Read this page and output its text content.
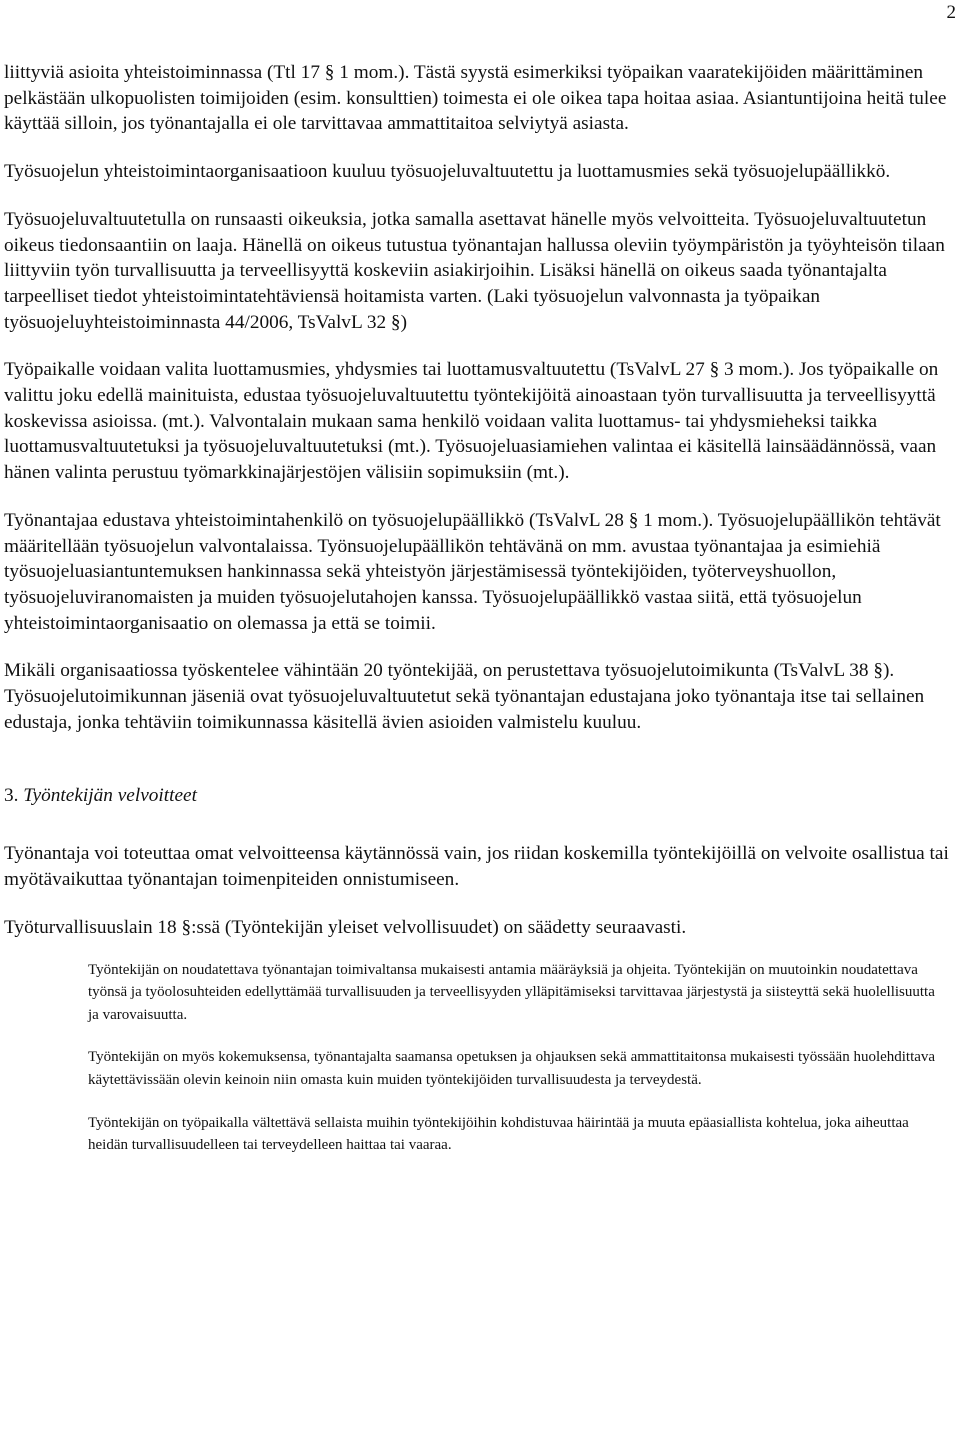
2

liittyviä asioita yhteistoiminnassa (Ttl 17 § 1 mom.). Tästä syystä esimerkiksi työpaikan vaaratekijöiden määrittäminen pelkästään ulkopuolisten toimijoiden (esim. konsulttien) toimesta ei ole oikea tapa hoitaa asiaa. Asiantuntijoina heitä tulee käyttää silloin, jos työnantajalla ei ole tarvittavaa ammattitaitoa selviytyä asiasta.

Työsuojelun yhteistoimintaorganisaatioon kuuluu työsuojeluvaltuutettu ja luottamusmies sekä työsuojelupäällikkö.

Työsuojeluvaltuutetulla on runsaasti oikeuksia, jotka samalla asettavat hänelle myös velvoitteita. Työsuojeluvaltuutetun oikeus tiedonsaantiin on laaja. Hänellä on oikeus tutustua työnantajan hallussa oleviin työympäristön ja työyhteisön tilaan liittyviin työn turvallisuutta ja terveellisyyttä koskeviin asiakirjoihin. Lisäksi hänellä on oikeus saada työnantajalta tarpeelliset tiedot yhteistoimintatehtäviensä hoitamista varten. (Laki työsuojelun valvonnasta ja työpaikan työsuojeluyhteistoiminnasta 44/2006, TsValvL 32 §)

Työpaikalle voidaan valita luottamusmies, yhdysmies tai luottamusvaltuutettu (TsValvL 27 § 3 mom.). Jos työpaikalle on valittu joku edellä mainituista, edustaa työsuojeluvaltuutettu työntekijöitä ainoastaan työn turvallisuutta ja terveellisyyttä koskevissa asioissa. (mt.). Valvontalain mukaan sama henkilö voidaan valita luottamus- tai yhdysmieheksi taikka luottamusvaltuutetuksi ja työsuojeluvaltuutetuksi (mt.). Työsuojeluasiamiehen valintaa ei käsitellä lainsäädännössä, vaan hänen valinta perustuu työmarkkinajärjestöjen välisiin sopimuksiin (mt.).

Työnantajaa edustava yhteistoimintahenkilö on työsuojelupäällikkö (TsValvL 28 § 1 mom.). Työsuojelupäällikön tehtävät määritellään työsuojelun valvontalaissa. Työnsuojelupäällikön tehtävänä on mm. avustaa työnantajaa ja esimiehiä työsuojeluasiantuntemuksen hankinnassa sekä yhteistyön järjestämisessä työntekijöiden, työterveyshuollon, työsuojeluviranomaisten ja muiden työsuojelutahojen kanssa. Työsuojelupäällikkö vastaa siitä, että työsuojelun yhteistoimintaorganisaatio on olemassa ja että se toimii.

Mikäli organisaatiossa työskentelee vähintään 20 työntekijää, on perustettava työsuojelutoimikunta (TsValvL 38 §). Työsuojelutoimikunnan jäseniä ovat työsuojeluvaltuutetut sekä työnantajan edustajana joko työnantaja itse tai sellainen edustaja, jonka tehtäviin toimikunnassa käsitellä ävien asioiden valmistelu kuuluu.

3. Työntekijän velvoitteet

Työnantaja voi toteuttaa omat velvoitteensa käytännössä vain, jos riidan koskemilla työntekijöillä on velvoite osallistua tai myötävaikuttaa työnantajan toimenpiteiden onnistumiseen.

Työturvallisuuslain 18 §:ssä (Työntekijän yleiset velvollisuudet) on säädetty seuraavasti.

Työntekijän on noudatettava työnantajan toimivaltansa mukaisesti antamia määräyksiä ja ohjeita. Työntekijän on muutoinkin noudatettava työnsä ja työolosuhteiden edellyttämää turvallisuuden ja terveellisyyden ylläpitämiseksi tarvittavaa järjestystä ja siisteyttä sekä huolellisuutta ja varovaisuutta.

Työntekijän on myös kokemuksensa, työnantajalta saamansa opetuksen ja ohjauksen sekä ammattitaitonsa mukaisesti työssään huolehdittava käytettävissään olevin keinoin niin omasta kuin muiden työntekijöiden turvallisuudesta ja terveydestä.

Työntekijän on työpaikalla vältettävä sellaista muihin työntekijöihin kohdistuvaa häirintää ja muuta epäasiallista kohtelua, joka aiheuttaa heidän turvallisuudelleen tai terveydelleen haittaa tai vaaraa.
